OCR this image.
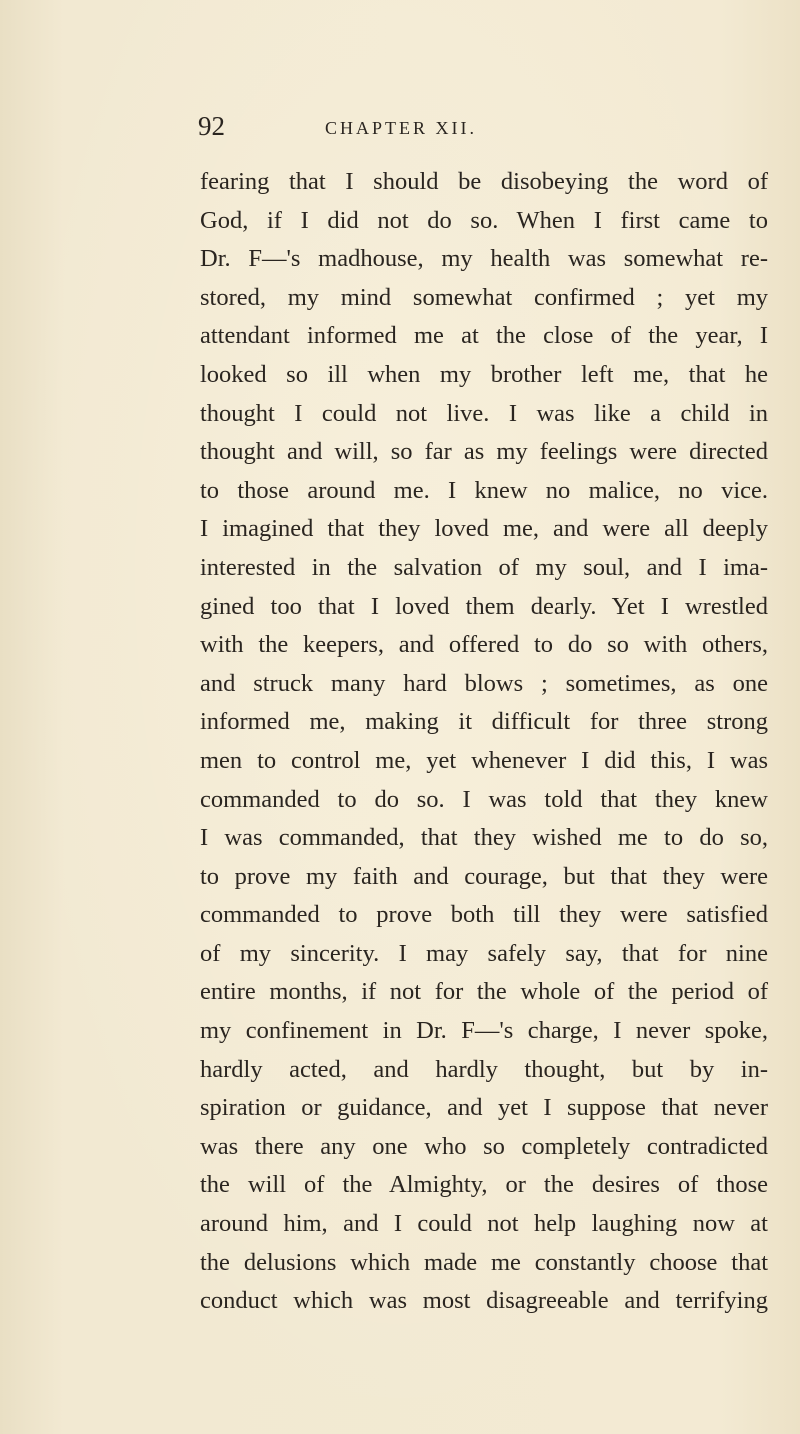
92	CHAPTER XII.
fearing that I should be disobeying the word of
God, if I did not do so. When I first came to
Dr. F—'s madhouse, my health was somewhat re-
stored, my mind somewhat confirmed ; yet my
attendant informed me at the close of the year, I
looked so ill when my brother left me, that he
thought I could not live. I was like a child in
thought and will, so far as my feelings were directed
to those around me. I knew no malice, no vice.
I imagined that they loved me, and were all deeply
interested in the salvation of my soul, and I ima-
gined too that I loved them dearly. Yet I wrestled
with the keepers, and offered to do so with others,
and struck many hard blows ; sometimes, as one
informed me, making it difficult for three strong
men to control me, yet whenever I did this, I was
commanded to do so. I was told that they knew
I was commanded, that they wished me to do so,
to prove my faith and courage, but that they were
commanded to prove both till they were satisfied
of my sincerity. I may safely say, that for nine
entire months, if not for the whole of the period of
my confinement in Dr. F—'s charge, I never spoke,
hardly acted, and hardly thought, but by in-
spiration or guidance, and yet I suppose that never
was there any one who so completely contradicted
the will of the Almighty, or the desires of those
around him, and I could not help laughing now at
the delusions which made me constantly choose that
conduct which was most disagreeable and terrifying
